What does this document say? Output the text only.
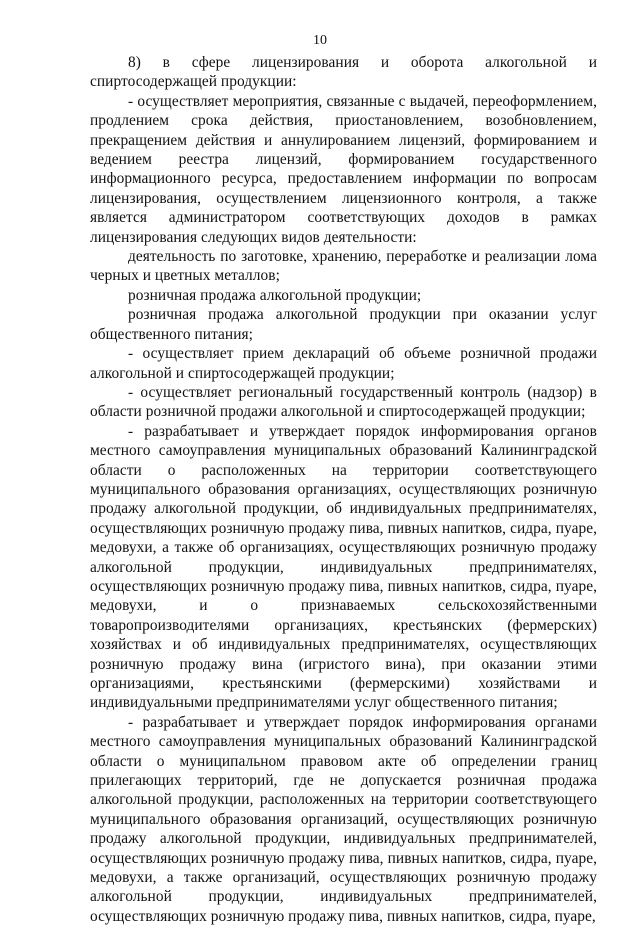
10

8) в сфере лицензирования и оборота алкогольной и спиртосодержащей продукции:

- осуществляет мероприятия, связанные с выдачей, переоформлением, продлением срока действия, приостановлением, возобновлением, прекращением действия и аннулированием лицензий, формированием и ведением реестра лицензий, формированием государственного информационного ресурса, предоставлением информации по вопросам лицензирования, осуществлением лицензионного контроля, а также является администратором соответствующих доходов в рамках лицензирования следующих видов деятельности:

деятельность по заготовке, хранению, переработке и реализации лома черных и цветных металлов;

розничная продажа алкогольной продукции;

розничная продажа алкогольной продукции при оказании услуг общественного питания;

- осуществляет прием деклараций об объеме розничной продажи алкогольной и спиртосодержащей продукции;

- осуществляет региональный государственный контроль (надзор) в области розничной продажи алкогольной и спиртосодержащей продукции;

- разрабатывает и утверждает порядок информирования органов местного самоуправления муниципальных образований Калининградской области о расположенных на территории соответствующего муниципального образования организациях, осуществляющих розничную продажу алкогольной продукции, об индивидуальных предпринимателях, осуществляющих розничную продажу пива, пивных напитков, сидра, пуаре, медовухи, а также об организациях, осуществляющих розничную продажу алкогольной продукции, индивидуальных предпринимателях, осуществляющих розничную продажу пива, пивных напитков, сидра, пуаре, медовухи, и о признаваемых сельскохозяйственными товаропроизводителями организациях, крестьянских (фермерских) хозяйствах и об индивидуальных предпринимателях, осуществляющих розничную продажу вина (игристого вина), при оказании этими организациями, крестьянскими (фермерскими) хозяйствами и индивидуальными предпринимателями услуг общественного питания;

- разрабатывает и утверждает порядок информирования органами местного самоуправления муниципальных образований Калининградской области о муниципальном правовом акте об определении границ прилегающих территорий, где не допускается розничная продажа алкогольной продукции, расположенных на территории соответствующего муниципального образования организаций, осуществляющих розничную продажу алкогольной продукции, индивидуальных предпринимателей, осуществляющих розничную продажу пива, пивных напитков, сидра, пуаре, медовухи, а также организаций, осуществляющих розничную продажу алкогольной продукции, индивидуальных предпринимателей, осуществляющих розничную продажу пива, пивных напитков, сидра, пуаре,
